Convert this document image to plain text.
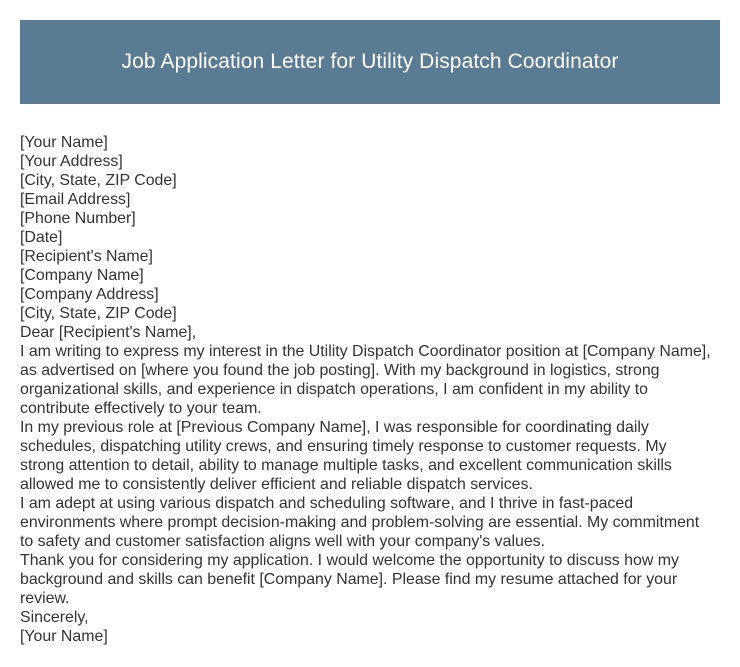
Job Application Letter for Utility Dispatch Coordinator
[Your Name]
[Your Address]
[City, State, ZIP Code]
[Email Address]
[Phone Number]
[Date]
[Recipient's Name]
[Company Name]
[Company Address]
[City, State, ZIP Code]
Dear [Recipient's Name],
I am writing to express my interest in the Utility Dispatch Coordinator position at [Company Name],
as advertised on [where you found the job posting]. With my background in logistics, strong
organizational skills, and experience in dispatch operations, I am confident in my ability to
contribute effectively to your team.
In my previous role at [Previous Company Name], I was responsible for coordinating daily
schedules, dispatching utility crews, and ensuring timely response to customer requests. My
strong attention to detail, ability to manage multiple tasks, and excellent communication skills
allowed me to consistently deliver efficient and reliable dispatch services.
I am adept at using various dispatch and scheduling software, and I thrive in fast-paced
environments where prompt decision-making and problem-solving are essential. My commitment
to safety and customer satisfaction aligns well with your company's values.
Thank you for considering my application. I would welcome the opportunity to discuss how my
background and skills can benefit [Company Name]. Please find my resume attached for your
review.
Sincerely,
[Your Name]
